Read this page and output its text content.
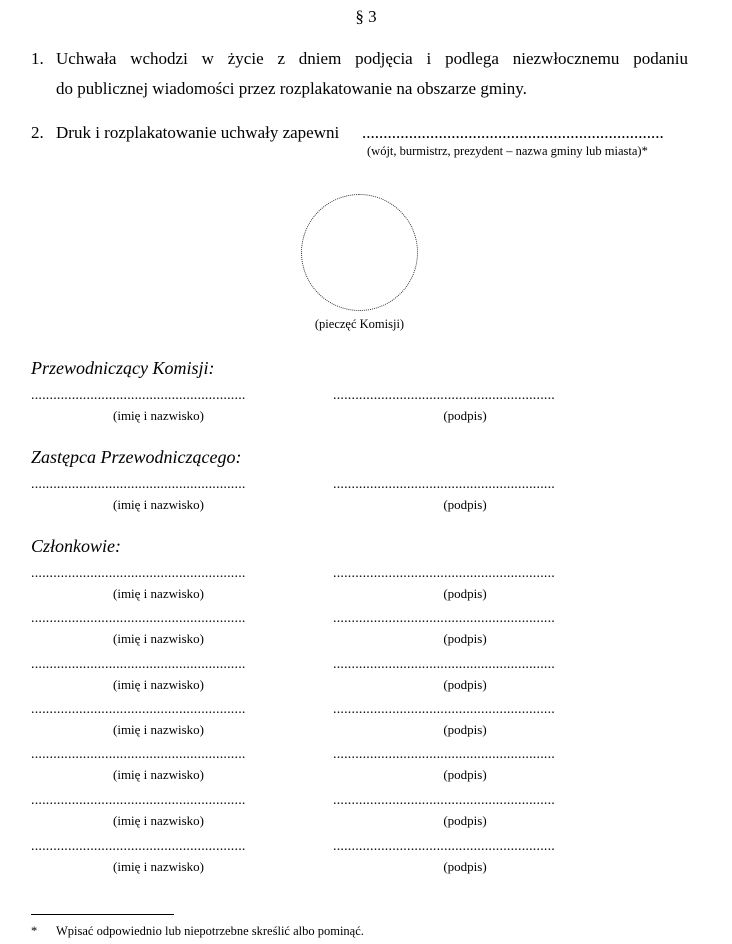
§ 3
1. Uchwała wchodzi w życie z dniem podjęcia i podlega niezwłocznemu podaniu
do publicznej wiadomości przez rozplakatowanie na obszarze gminy.
2. Druk i rozplakatowanie uchwały zapewni .......................................................................
(wójt, burmistrz, prezydent – nazwa gminy lub miasta)*
(pieczęć Komisji)
Przewodniczący Komisji:
..........................................................	............................................................
(imię i nazwisko)	(podpis)
Zastępca Przewodniczącego:
..........................................................	............................................................
(imię i nazwisko)	(podpis)
Członkowie:
..........................................................	............................................................
(imię i nazwisko)	(podpis)
..........................................................	............................................................
(imię i nazwisko)	(podpis)
..........................................................	............................................................
(imię i nazwisko)	(podpis)
..........................................................	............................................................
(imię i nazwisko)	(podpis)
..........................................................	............................................................
(imię i nazwisko)	(podpis)
..........................................................	............................................................
(imię i nazwisko)	(podpis)
..........................................................	............................................................
(imię i nazwisko)	(podpis)
* Wpisać odpowiednio lub niepotrzebne skreślić albo pominąć.
